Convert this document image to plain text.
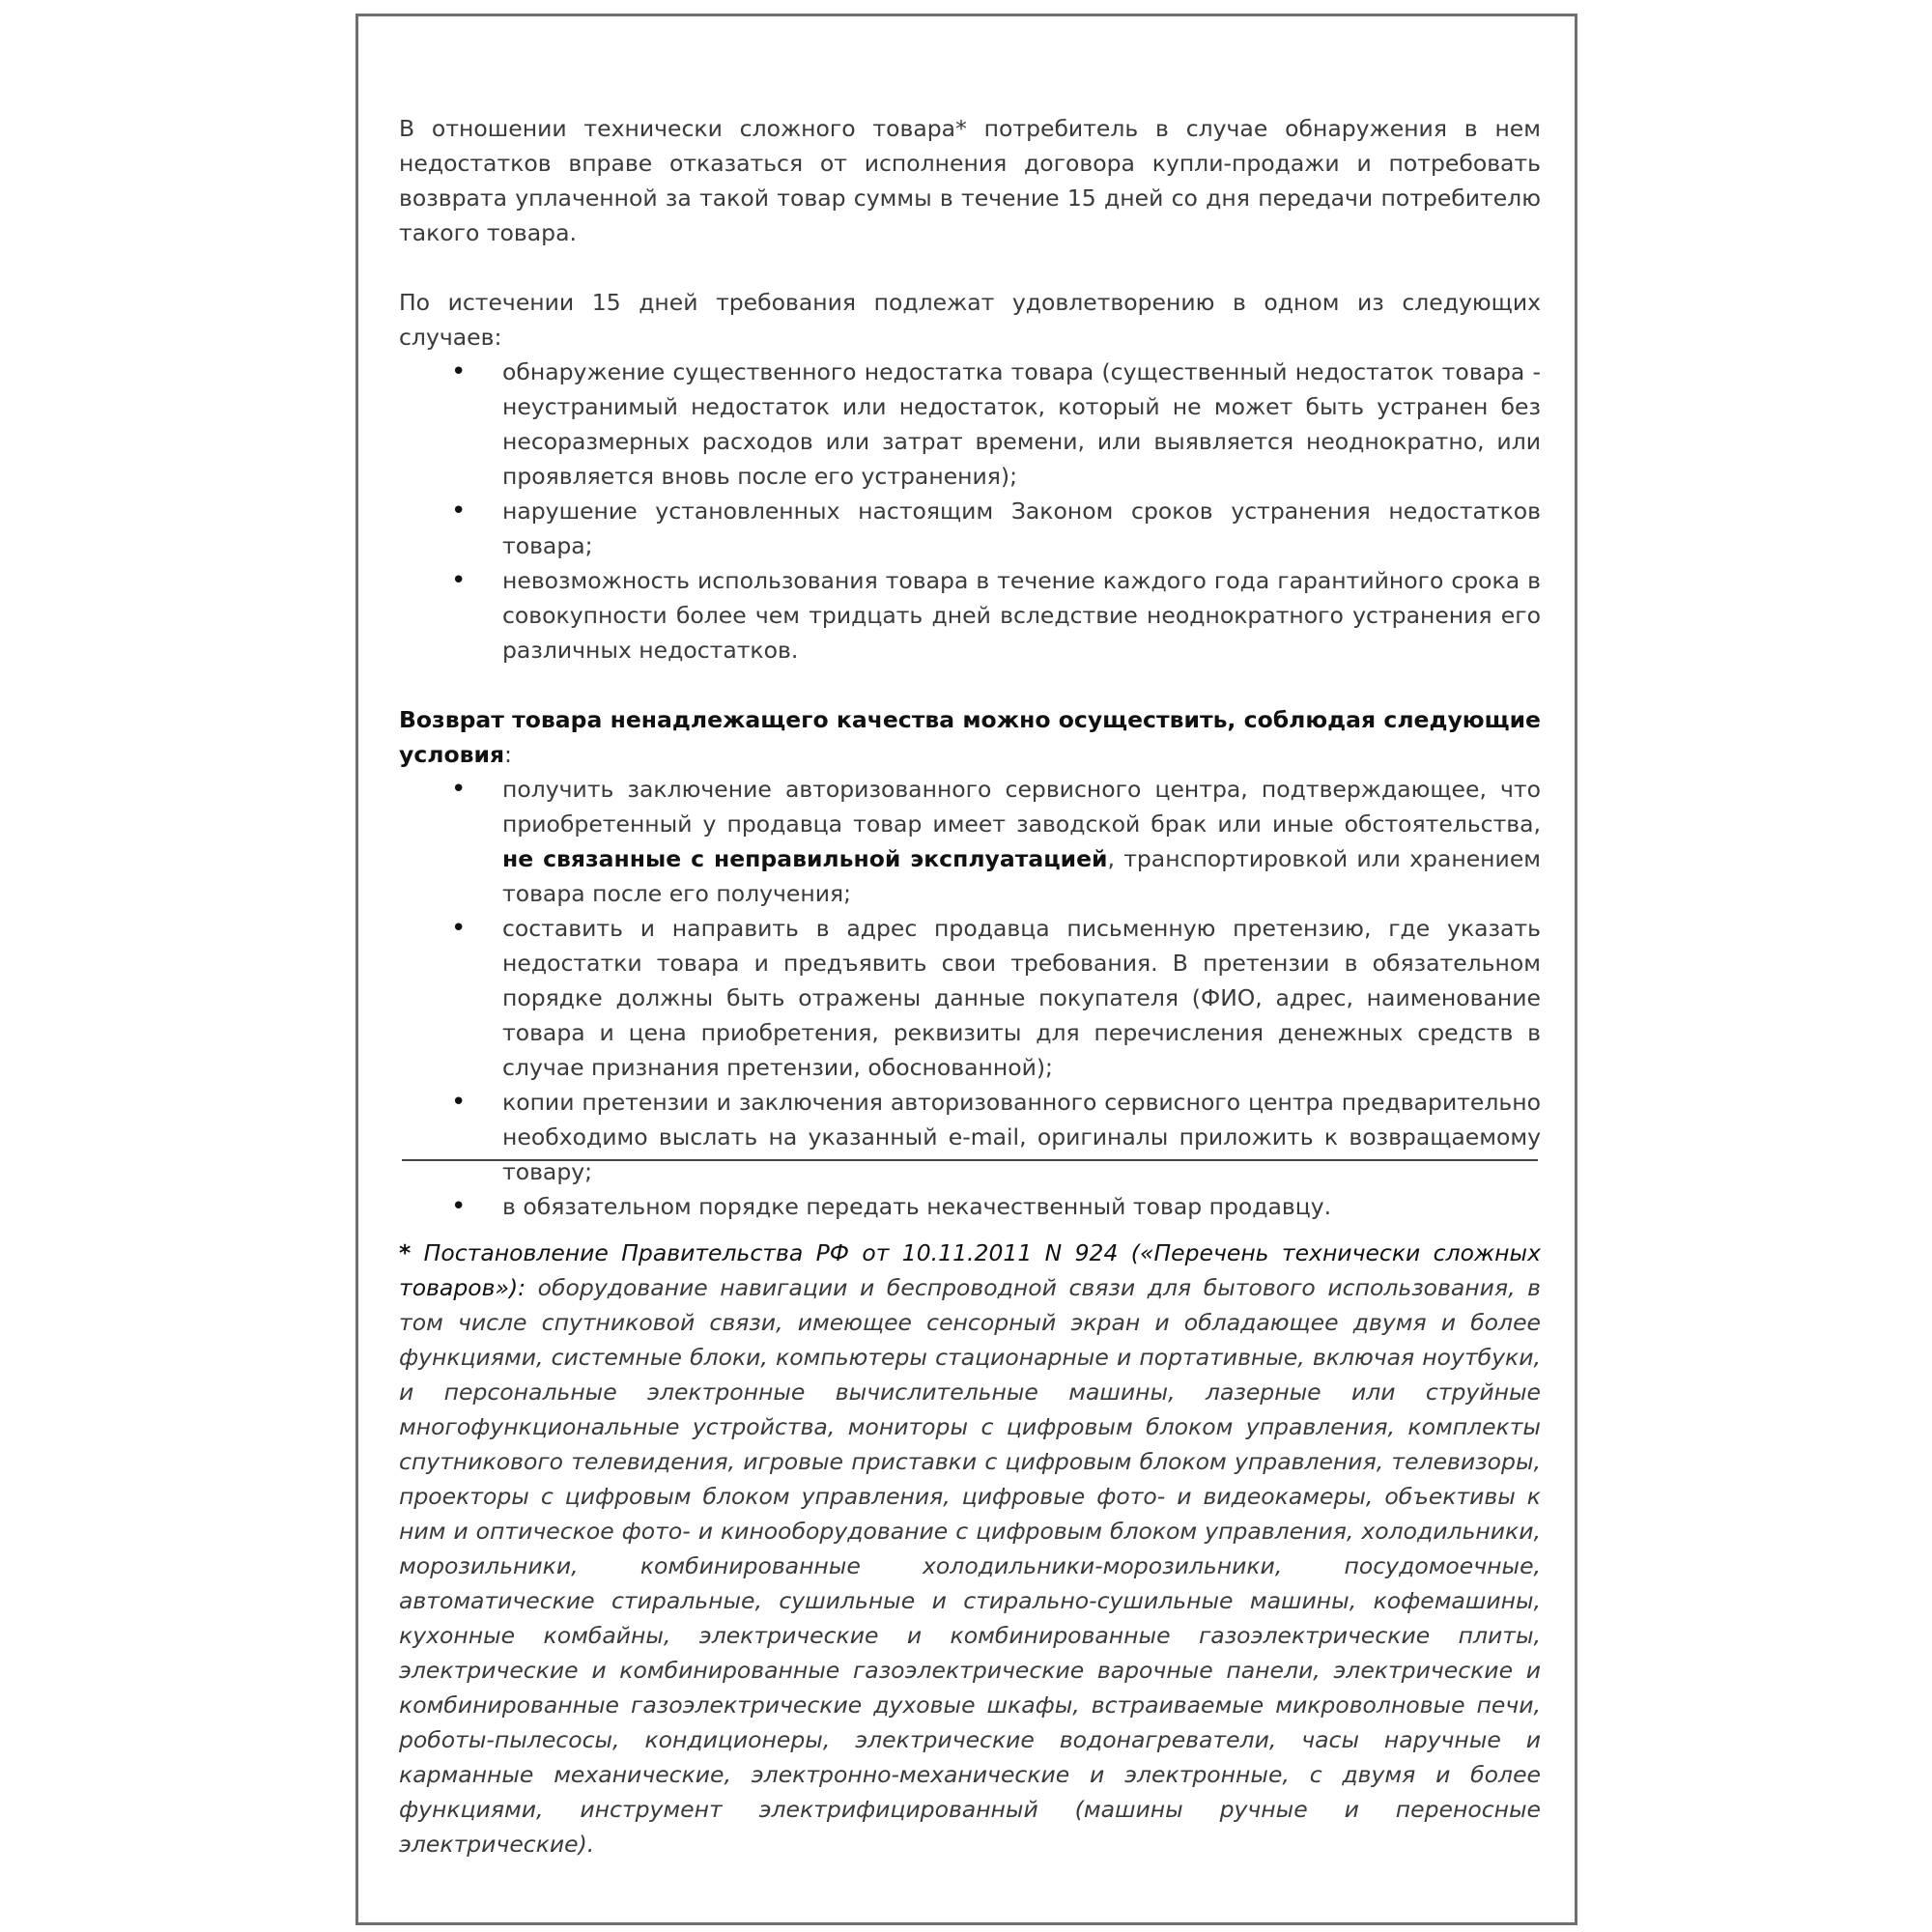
В отношении технически сложного товара* потребитель в случае обнаружения в нем недостатков вправе отказаться от исполнения договора купли-продажи и потребовать возврата уплаченной за такой товар суммы в течение 15 дней со дня передачи потребителю такого товара.

По истечении 15 дней требования подлежат удовлетворению в одном из следующих случаев:

• обнаружение существенного недостатка товара (существенный недостаток товара - неустранимый недостаток или недостаток, который не может быть устранен без несоразмерных расходов или затрат времени, или выявляется неоднократно, или проявляется вновь после его устранения);
• нарушение установленных настоящим Законом сроков устранения недостатков товара;
• невозможность использования товара в течение каждого года гарантийного срока в совокупности более чем тридцать дней вследствие неоднократного устранения его различных недостатков.

Возврат товара ненадлежащего качества можно осуществить, соблюдая следующие условия:

• получить заключение авторизованного сервисного центра, подтверждающее, что приобретенный у продавца товар имеет заводской брак или иные обстоятельства, не связанные с неправильной эксплуатацией, транспортировкой или хранением товара после его получения;
• составить и направить в адрес продавца письменную претензию, где указать недостатки товара и предъявить свои требования. В претензии в обязательном порядке должны быть отражены данные покупателя (ФИО, адрес, наименование товара и цена приобретения, реквизиты для перечисления денежных средств в случае признания претензии, обоснованной);
• копии претензии и заключения авторизованного сервисного центра предварительно необходимо выслать на указанный e-mail, оригиналы приложить к возвращаемому товару;
• в обязательном порядке передать некачественный товар продавцу.
* Постановление Правительства РФ от 10.11.2011 N 924 («Перечень технически сложных товаров»): оборудование навигации и беспроводной связи для бытового использования, в том числе спутниковой связи, имеющее сенсорный экран и обладающее двумя и более функциями, системные блоки, компьютеры стационарные и портативные, включая ноутбуки, и персональные электронные вычислительные машины, лазерные или струйные многофункциональные устройства, мониторы с цифровым блоком управления, комплекты спутникового телевидения, игровые приставки с цифровым блоком управления, телевизоры, проекторы с цифровым блоком управления, цифровые фото- и видеокамеры, объективы к ним и оптическое фото- и кинооборудование с цифровым блоком управления, холодильники, морозильники, комбинированные холодильники-морозильники, посудомоечные, автоматические стиральные, сушильные и стирально-сушильные машины, кофемашины, кухонные комбайны, электрические и комбинированные газоэлектрические плиты, электрические и комбинированные газоэлектрические варочные панели, электрические и комбинированные газоэлектрические духовые шкафы, встраиваемые микроволновые печи, роботы-пылесосы, кондиционеры, электрические водонагреватели, часы наручные и карманные механические, электронно-механические и электронные, с двумя и более функциями, инструмент электрифицированный (машины ручные и переносные электрические).
